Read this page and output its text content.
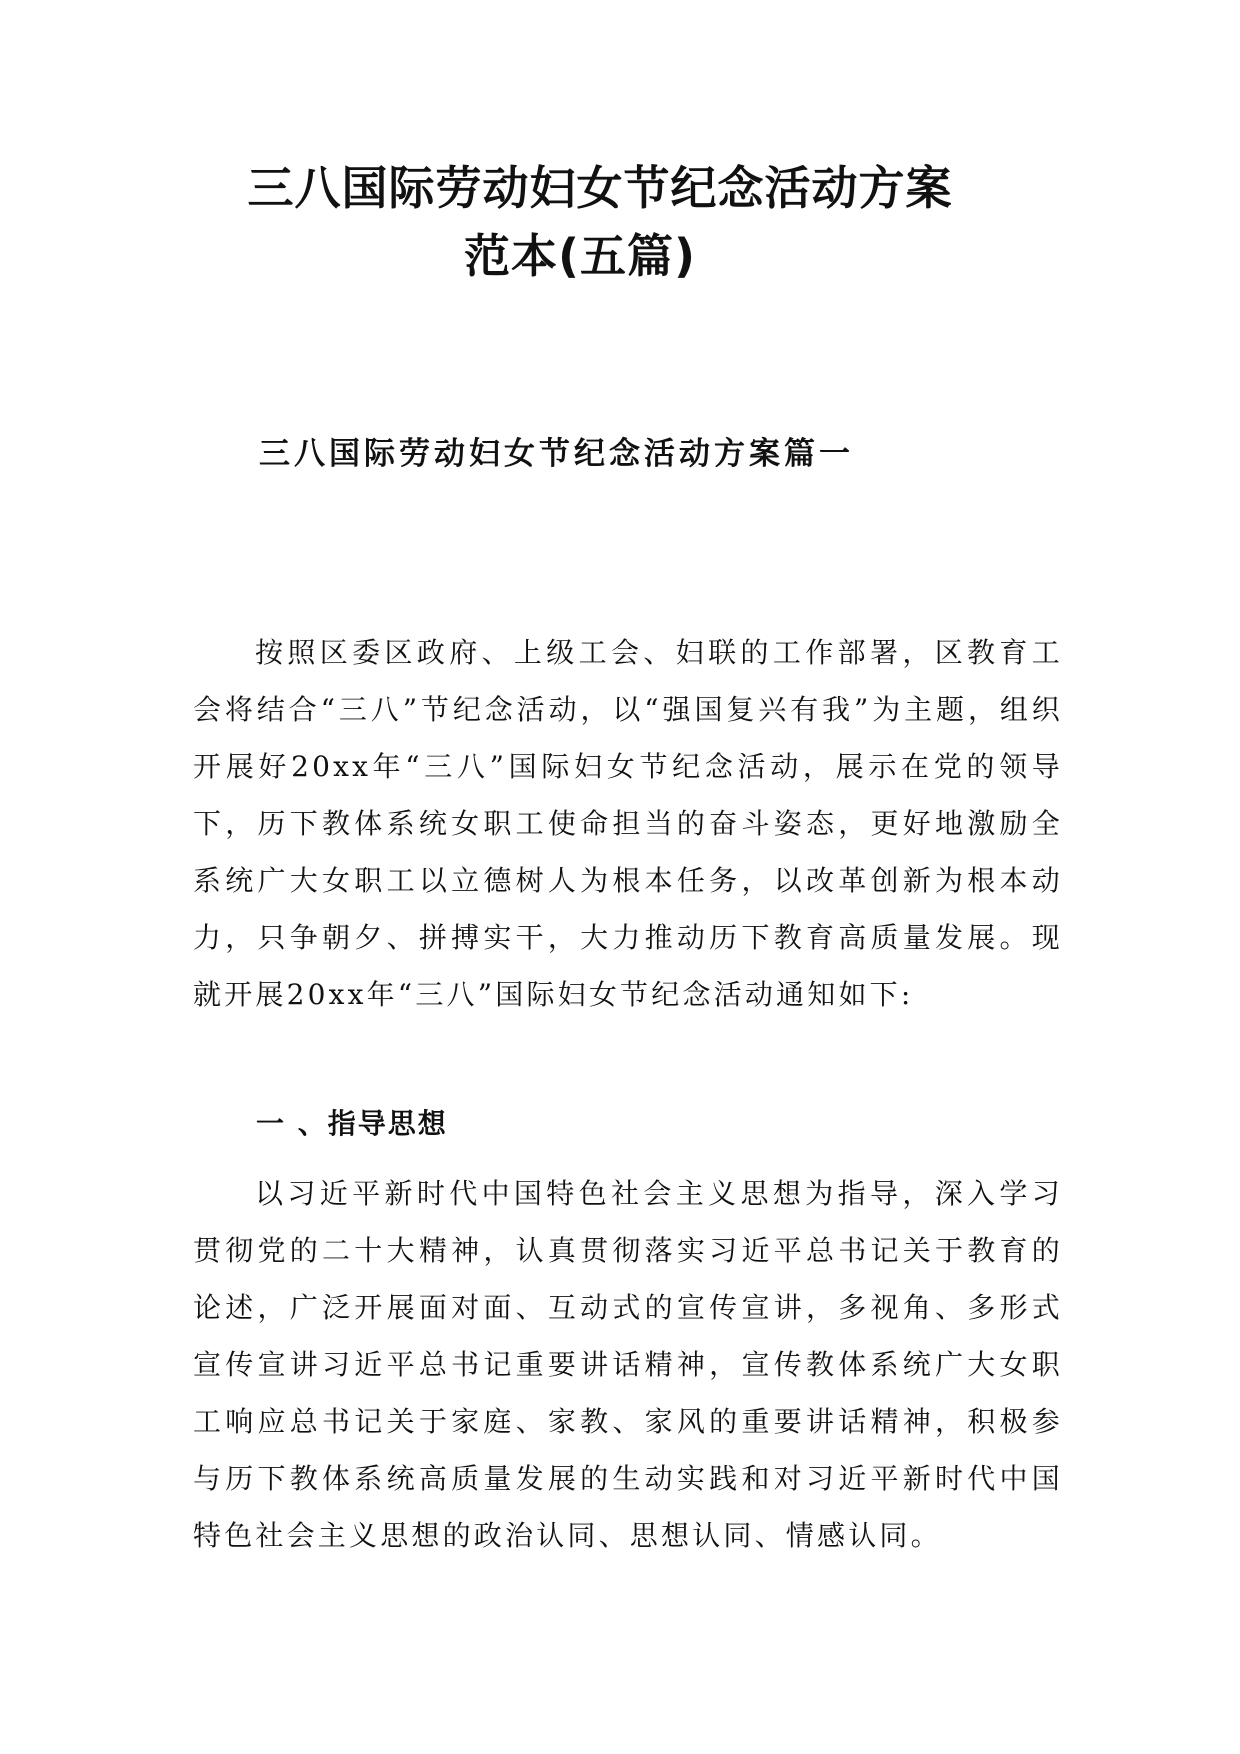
三八国际劳动妇女节纪念活动方案
范本(五篇)
三八国际劳动妇女节纪念活动方案篇一

按照区委区政府、上级工会、妇联的工作部署，区教育工会将结合“三八”节纪念活动，以“强国复兴有我”为主题，组织开展好20xx年“三八”国际妇女节纪念活动，展示在党的领导下，历下教体系统女职工使命担当的奋斗姿态，更好地激励全系统广大女职工以立德树人为根本任务，以改革创新为根本动力，只争朝夕、拼搏实干，大力推动历下教育高质量发展。现就开展20xx年“三八”国际妇女节纪念活动通知如下:

一 、指导思想

以习近平新时代中国特色社会主义思想为指导，深入学习贯彻党的二十大精神，认真贯彻落实习近平总书记关于教育的论述，广泛开展面对面、互动式的宣传宣讲，多视角、多形式宣传宣讲习近平总书记重要讲话精神，宣传教体系统广大女职工响应总书记关于家庭、家教、家风的重要讲话精神，积极参与历下教体系统高质量发展的生动实践和对习近平新时代中国特色社会主义思想的政治认同、思想认同、情感认同。
